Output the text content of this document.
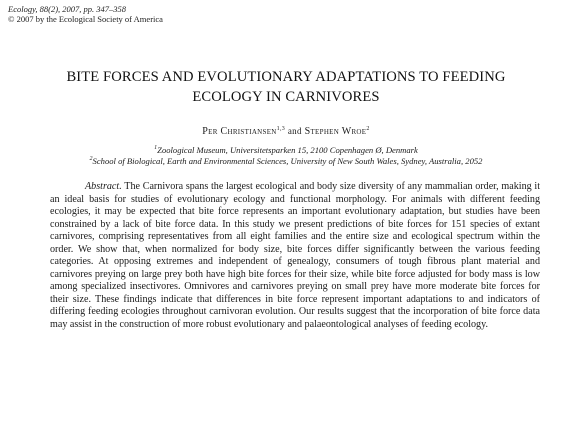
Ecology, 88(2), 2007, pp. 347–358
© 2007 by the Ecological Society of America
BITE FORCES AND EVOLUTIONARY ADAPTATIONS TO FEEDING
ECOLOGY IN CARNIVORES
Per Christiansen$^{1,3}$ and Stephen Wroe$^2$
$^1$Zoological Museum, Universitetsparken 15, 2100 Copenhagen Ø, Denmark
$^2$School of Biological, Earth and Environmental Sciences, University of New South Wales, Sydney, Australia, 2052
Abstract. The Carnivora spans the largest ecological and body size diversity of any mammalian order, making it an ideal basis for studies of evolutionary ecology and functional morphology. For animals with different feeding ecologies, it may be expected that bite force represents an important evolutionary adaptation, but studies have been constrained by a lack of bite force data. In this study we present predictions of bite forces for 151 species of extant carnivores, comprising representatives from all eight families and the entire size and ecological spectrum within the order. We show that, when normalized for body size, bite forces differ significantly between the various feeding categories. At opposing extremes and independent of genealogy, consumers of tough fibrous plant material and carnivores preying on large prey both have high bite forces for their size, while bite force adjusted for body mass is low among specialized insectivores. Omnivores and carnivores preying on small prey have more moderate bite forces for their size. These findings indicate that differences in bite force represent important adaptations to and indicators of differing feeding ecologies throughout carnivoran evolution. Our results suggest that the incorporation of bite force data may assist in the construction of more robust evolutionary and palaeontological analyses of feeding ecology.
